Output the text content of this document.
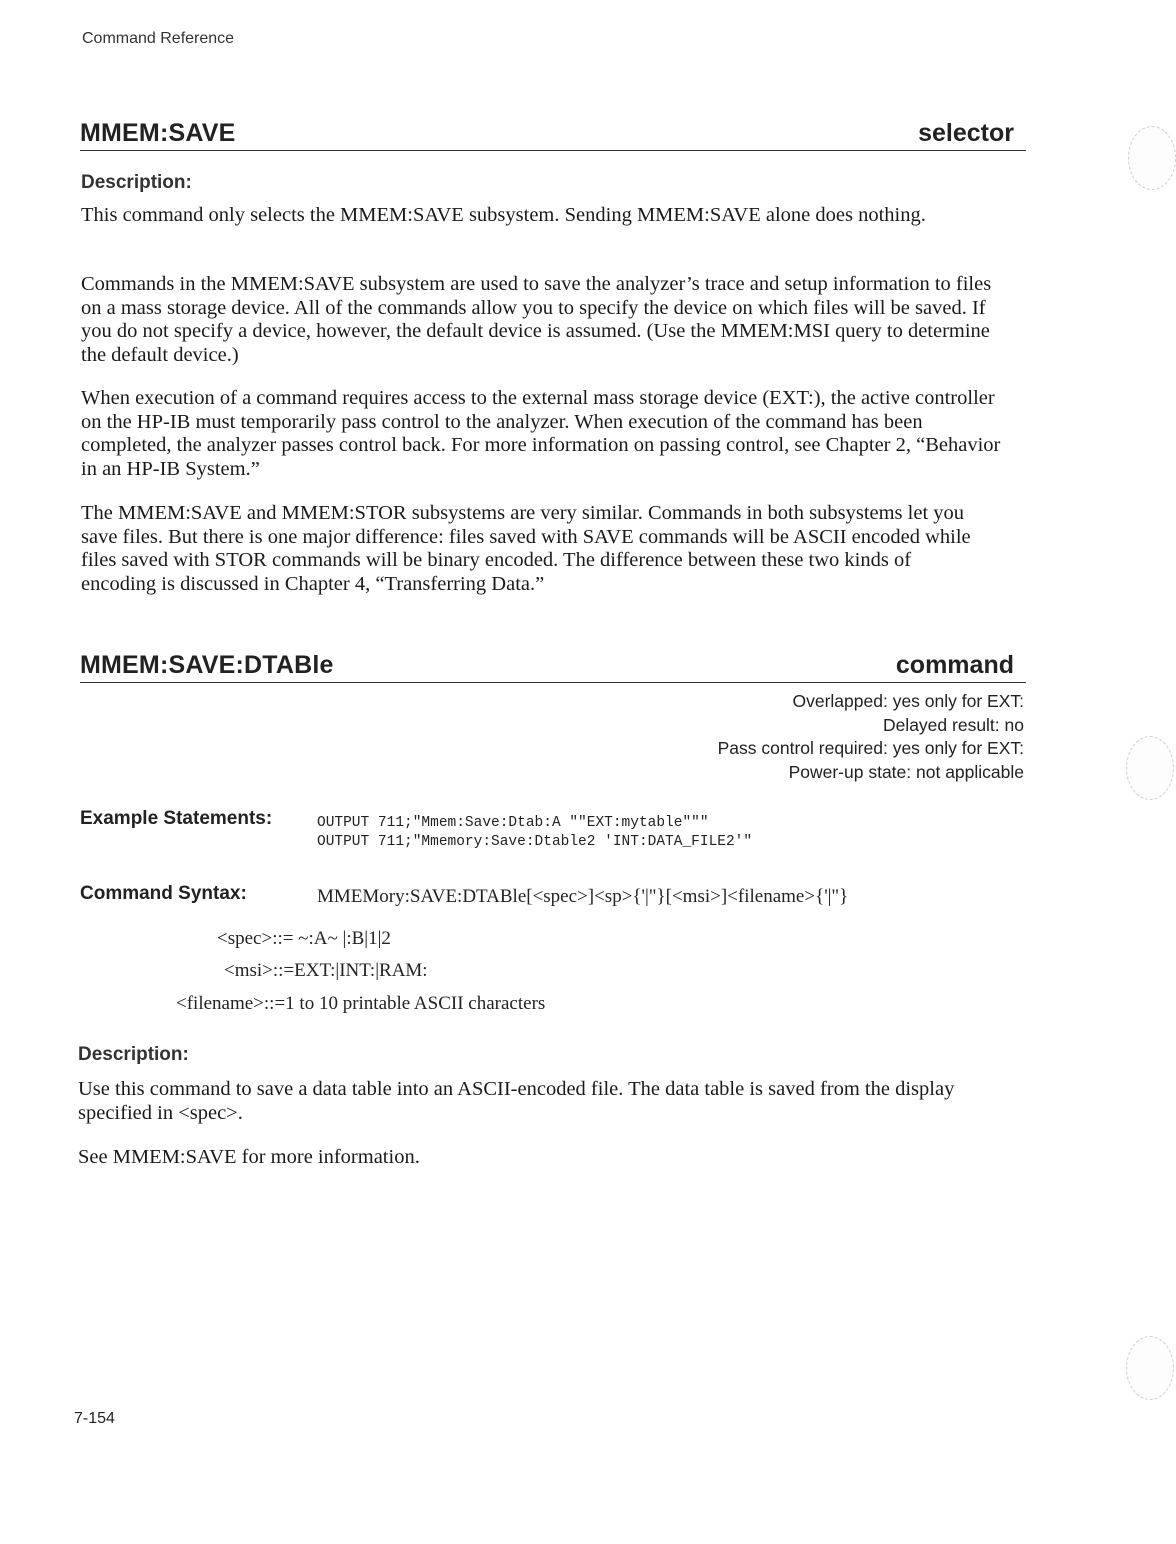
Command Reference
MMEM:SAVE	selector
Description:

This command only selects the MMEM:SAVE subsystem. Sending MMEM:SAVE alone does nothing.

Commands in the MMEM:SAVE subsystem are used to save the analyzer’s trace and setup information to files on a mass storage device. All of the commands allow you to specify the device on which files will be saved. If you do not specify a device, however, the default device is assumed. (Use the MMEM:MSI query to determine the default device.)

When execution of a command requires access to the external mass storage device (EXT:), the active controller on the HP-IB must temporarily pass control to the analyzer. When execution of the command has been completed, the analyzer passes control back. For more information on passing control, see Chapter 2, “Behavior in an HP-IB System.”

The MMEM:SAVE and MMEM:STOR subsystems are very similar. Commands in both subsystems let you save files. But there is one major difference: files saved with SAVE commands will be ASCII encoded while files saved with STOR commands will be binary encoded. The difference between these two kinds of encoding is discussed in Chapter 4, “Transferring Data.”

MMEM:SAVE:DTABle	command
Overlapped: yes only for EXT:
Delayed result: no
Pass control required: yes only for EXT:
Power-up state: not applicable
Example Statements:	OUTPUT 711;"Mmem:Save:Dtab:A ""EXT:mytable"""
OUTPUT 711;"Mmemory:Save:Dtable2 'INT:DATA_FILE2'"
Command Syntax:	MMEMory:SAVE:DTABle[<spec>]<sp>{'|"}[<msi>]<filename>{'|"}
<spec>::= ~:A~ |:B|1|2
<msi>::=EXT:|INT:|RAM:
<filename>::=1 to 10 printable ASCII characters
Description:

Use this command to save a data table into an ASCII-encoded file. The data table is saved from the display specified in <spec>.

See MMEM:SAVE for more information.

7-154
